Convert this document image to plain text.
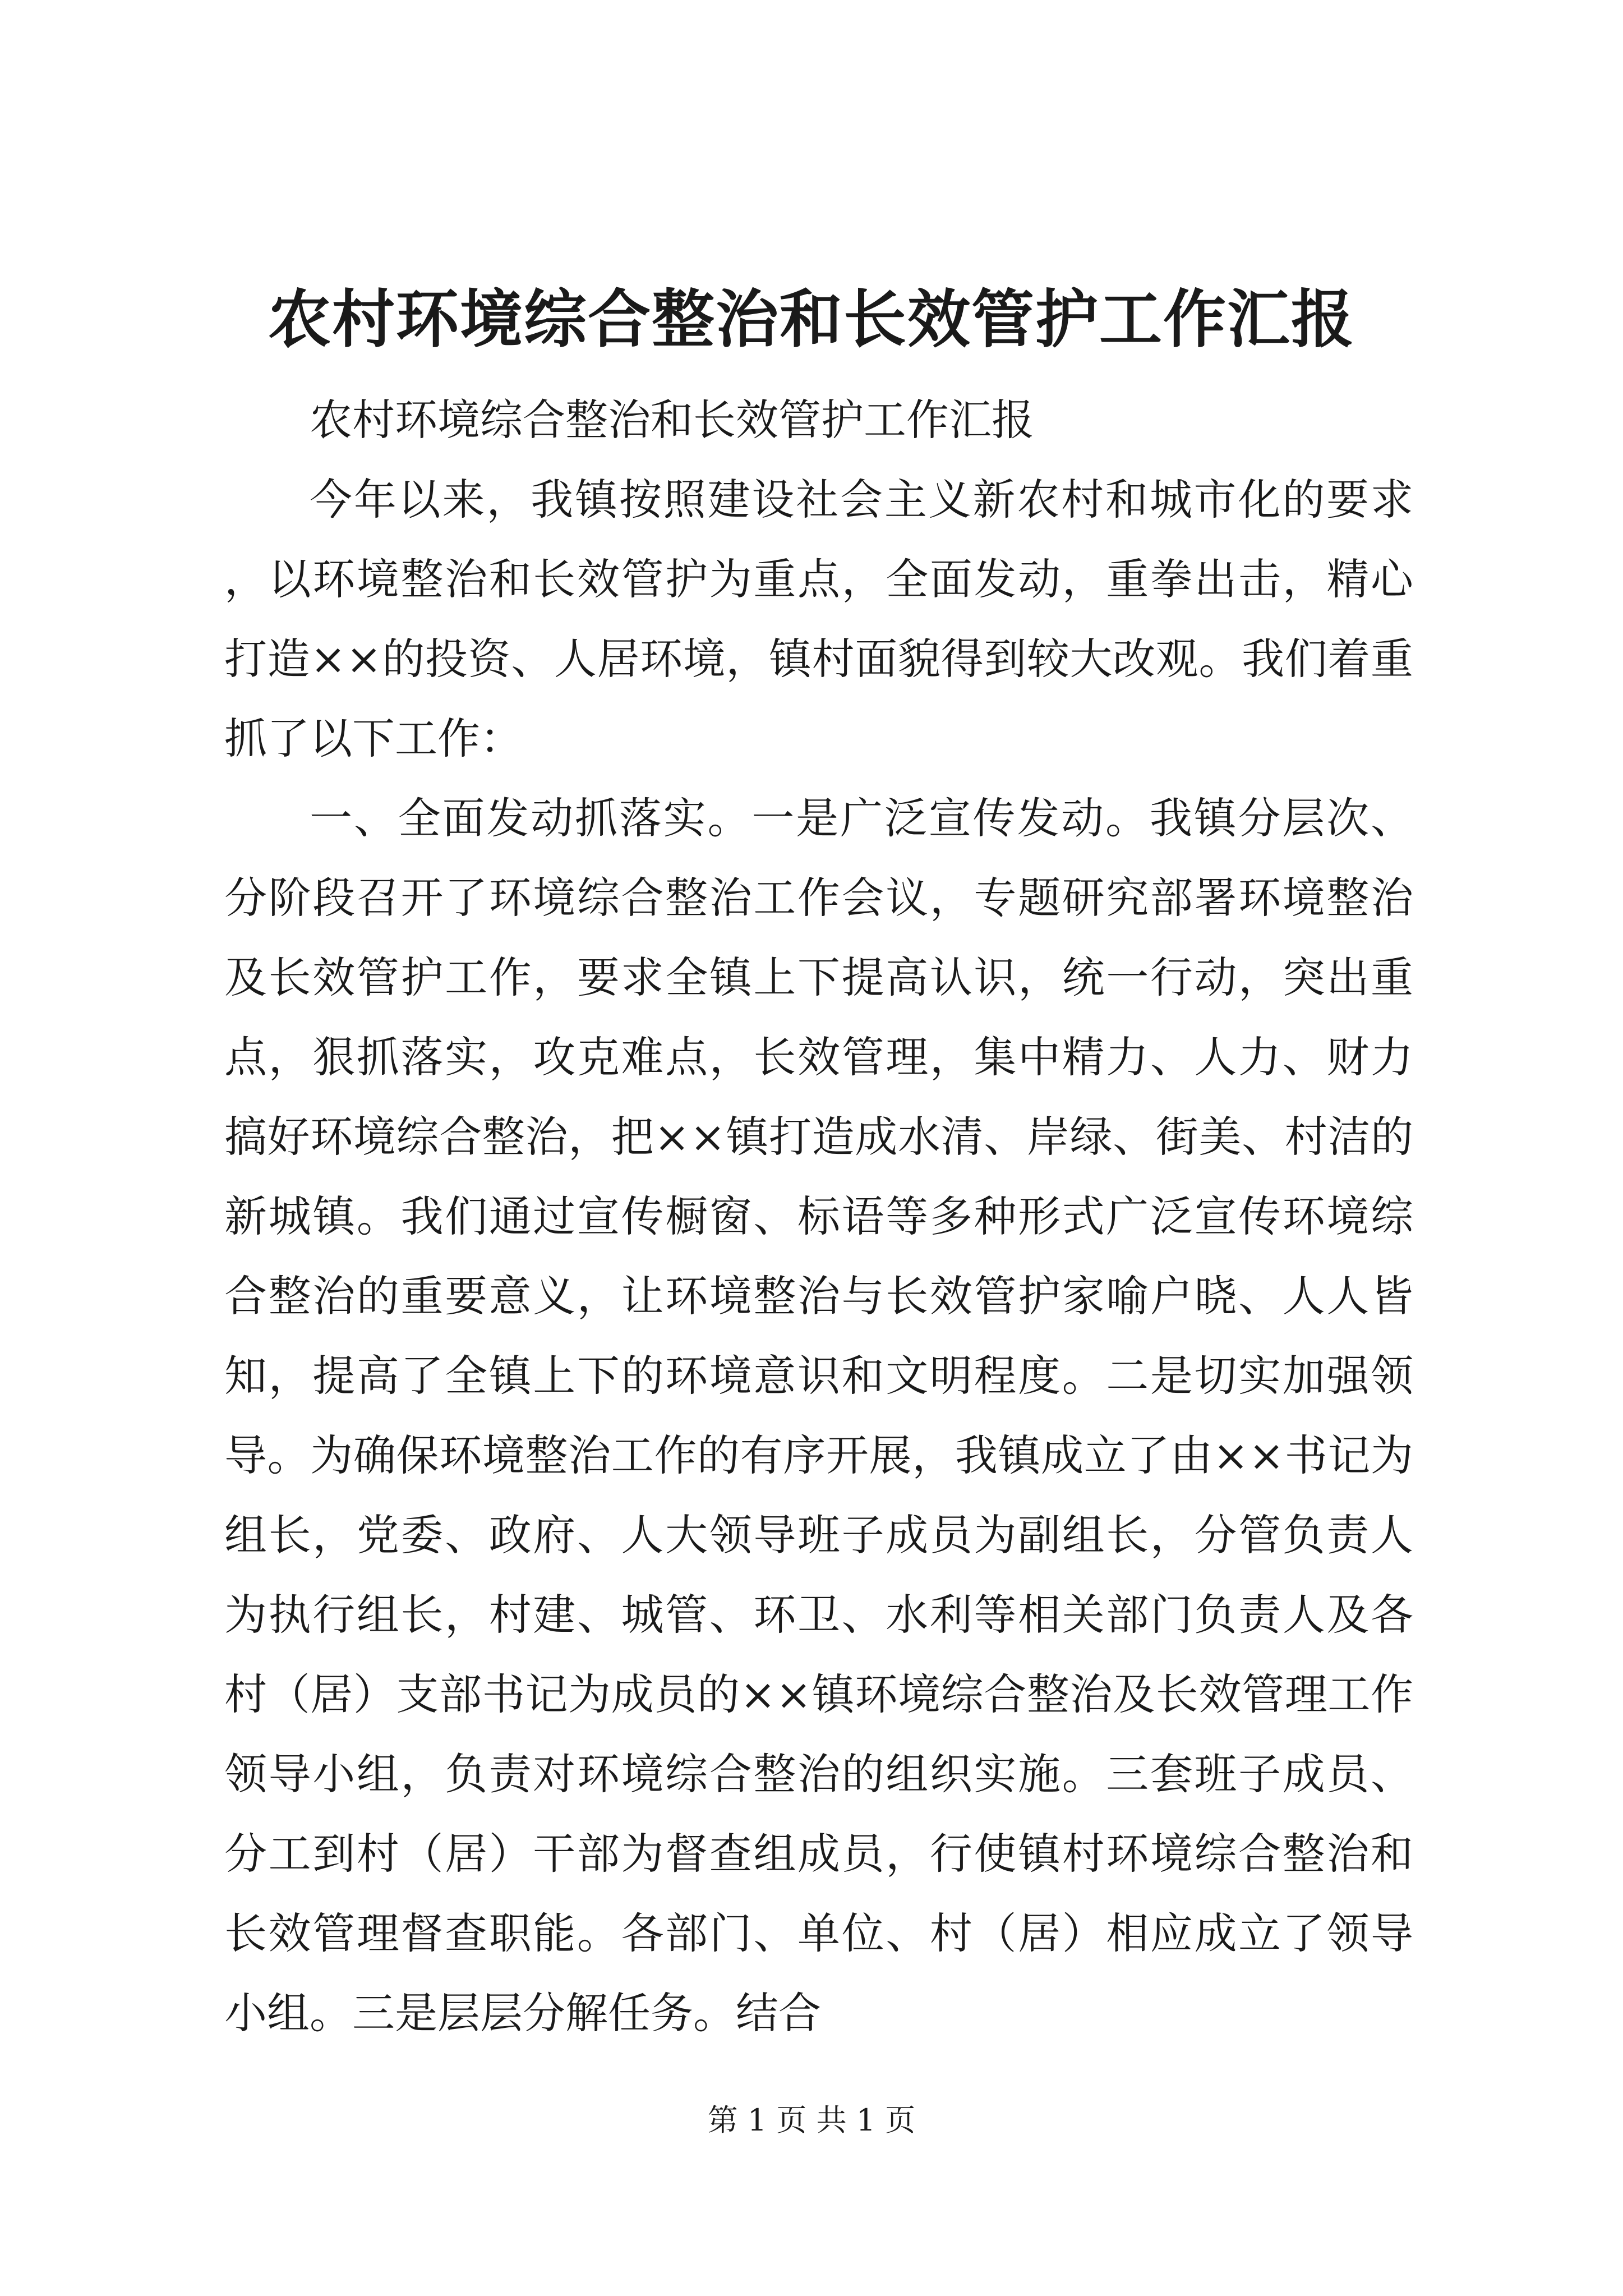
农村环境综合整治和长效管护工作汇报

农村环境综合整治和长效管护工作汇报

今年以来，我镇按照建设社会主义新农村和城市化的要求，以环境整治和长效管护为重点，全面发动，重拳出击，精心打造××的投资、人居环境，镇村面貌得到较大改观。我们着重抓了以下工作：

一、全面发动抓落实。一是广泛宣传发动。我镇分层次、分阶段召开了环境综合整治工作会议，专题研究部署环境整治及长效管护工作，要求全镇上下提高认识，统一行动，突出重点，狠抓落实，攻克难点，长效管理，集中精力、人力、财力搞好环境综合整治，把××镇打造成水清、岸绿、街美、村洁的新城镇。我们通过宣传橱窗、标语等多种形式广泛宣传环境综合整治的重要意义，让环境整治与长效管护家喻户晓、人人皆知，提高了全镇上下的环境意识和文明程度。二是切实加强领导。为确保环境整治工作的有序开展，我镇成立了由××书记为组长，党委、政府、人大领导班子成员为副组长，分管负责人为执行组长，村建、城管、环卫、水利等相关部门负责人及各村（居）支部书记为成员的××镇环境综合整治及长效管理工作领导小组，负责对环境综合整治的组织实施。三套班子成员、分工到村（居）干部为督查组成员，行使镇村环境综合整治和长效管理督查职能。各部门、单位、村（居）相应成立了领导小组。三是层层分解任务。结合

第 1 页 共 1 页
